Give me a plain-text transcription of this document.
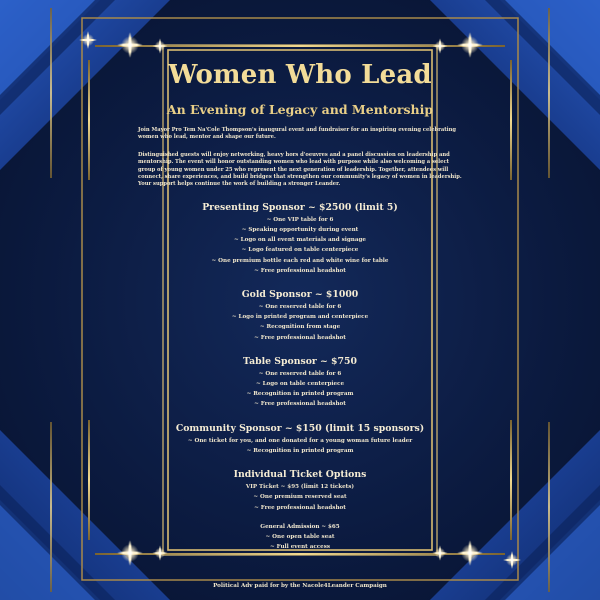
Women Who Lead
An Evening of Legacy and Mentorship

Join Mayor Pro Tem Na'Cole Thompson's inaugural event and fundraiser for an inspiring evening celebrating women who lead, mentor and shape our future.

Distinguished guests will enjoy networking, heavy hors d'oeuvres and a panel discussion on leadership and mentorship. The event will honor outstanding women who lead with purpose while also welcoming a select group of young women under 25 who represent the next generation of leadership. Together, attendees will connect, share experiences, and build bridges that strengthen our community's legacy of women in leadership. Your support helps continue the work of building a stronger Leander.

Presenting Sponsor ~ $2500 (limit 5)
~ One VIP table for 6
~ Speaking opportunity during event
~ Logo on all event materials and signage
~ Logo featured on table centerpiece
~ One premium bottle each red and white wine for table
~ Free professional headshot
Gold Sponsor ~ $1000
~ One reserved table for 6
~ Logo in printed program and centerpiece
~ Recognition from stage
~ Free professional headshot
Table Sponsor ~ $750
~ One reserved table for 6
~ Logo on table centerpiece
~ Recognition in printed program
~ Free professional headshot
Community Sponsor ~ $150 (limit 15 sponsors)
~ One ticket for you, and one donated for a young woman future leader
~ Recognition in printed program
Individual Ticket Options
VIP Ticket ~ $95 (limit 12 tickets)
~ One premium reserved seat
~ Free professional headshot
General Admission ~ $65
~ One open table seat
~ Full event access
Political Adv paid for by the Nacole4Leander Campaign
